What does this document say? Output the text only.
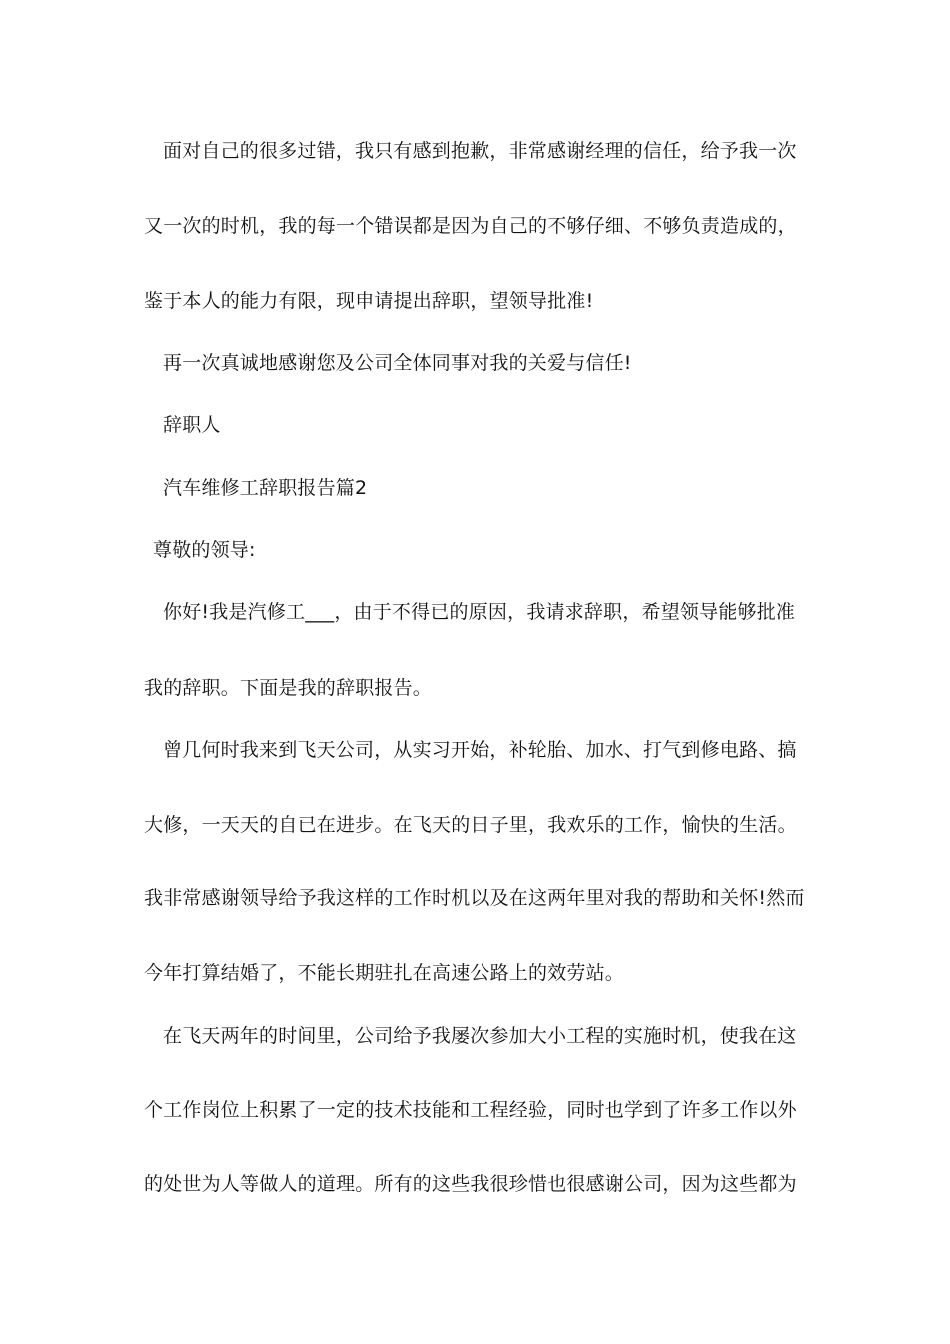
面对自己的很多过错，我只有感到抱歉，非常感谢经理的信任，给予我一次
又一次的时机，我的每一个错误都是因为自己的不够仔细、不够负责造成的，
鉴于本人的能力有限，现申请提出辞职，望领导批准!
再一次真诚地感谢您及公司全体同事对我的关爱与信任!
辞职人
汽车维修工辞职报告篇2
尊敬的领导:
你好!我是汽修工___，由于不得已的原因，我请求辞职，希望领导能够批准
我的辞职。下面是我的辞职报告。
曾几何时我来到飞天公司，从实习开始，补轮胎、加水、打气到修电路、搞
大修，一天天的自已在进步。在飞天的日子里，我欢乐的工作，愉快的生活。
我非常感谢领导给予我这样的工作时机以及在这两年里对我的帮助和关怀!然而
今年打算结婚了，不能长期驻扎在高速公路上的效劳站。
在飞天两年的时间里，公司给予我屡次参加大小工程的实施时机，使我在这
个工作岗位上积累了一定的技术技能和工程经验，同时也学到了许多工作以外
的处世为人等做人的道理。所有的这些我很珍惜也很感谢公司，因为这些都为
